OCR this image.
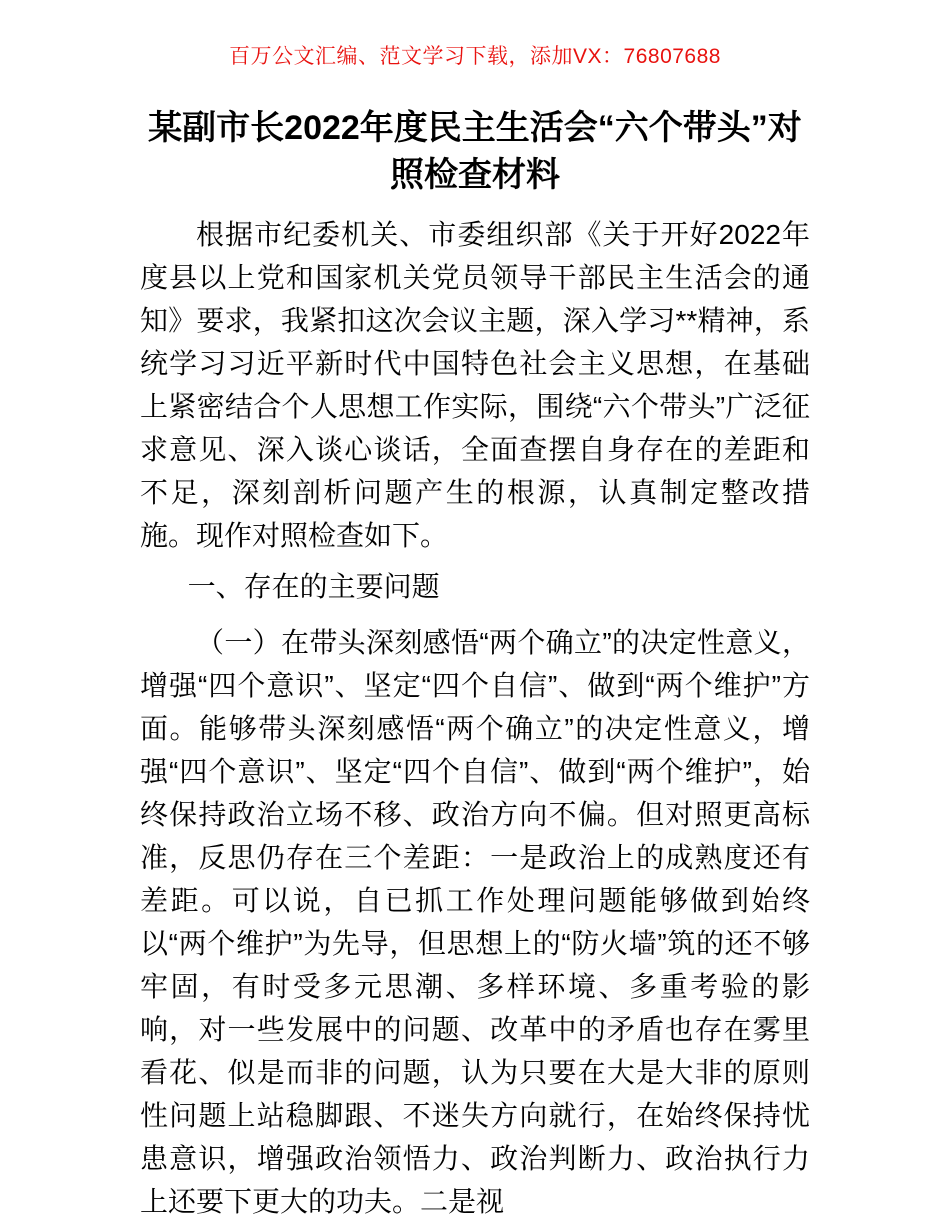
百万公文汇编、范文学习下载，添加VX：76807688
某副市长2022年度民主生活会“六个带头”对照检查材料

根据市纪委机关、市委组织部《关于开好2022年度县以上党和国家机关党员领导干部民主生活会的通知》要求，我紧扣这次会议主题，深入学习**精神，系统学习习近平新时代中国特色社会主义思想，在基础上紧密结合个人思想工作实际，围绕“六个带头”广泛征求意见、深入谈心谈话，全面查摆自身存在的差距和不足，深刻剖析问题产生的根源，认真制定整改措施。现作对照检查如下。

一、存在的主要问题

（一）在带头深刻感悟“两个确立”的决定性意义，增强“四个意识”、坚定“四个自信”、做到“两个维护”方面。能够带头深刻感悟“两个确立”的决定性意义，增强“四个意识”、坚定“四个自信”、做到“两个维护”，始终保持政治立场不移、政治方向不偏。但对照更高标准，反思仍存在三个差距：一是政治上的成熟度还有差距。可以说，自已抓工作处理问题能够做到始终以“两个维护”为先导，但思想上的“防火墙”筑的还不够牢固，有时受多元思潮、多样环境、多重考验的影响，对一些发展中的问题、改革中的矛盾也存在雾里看花、似是而非的问题，认为只要在大是大非的原则性问题上站稳脚跟、不迷失方向就行，在始终保持忧患意识，增强政治领悟力、政治判断力、政治执行力上还要下更大的功夫。二是视
